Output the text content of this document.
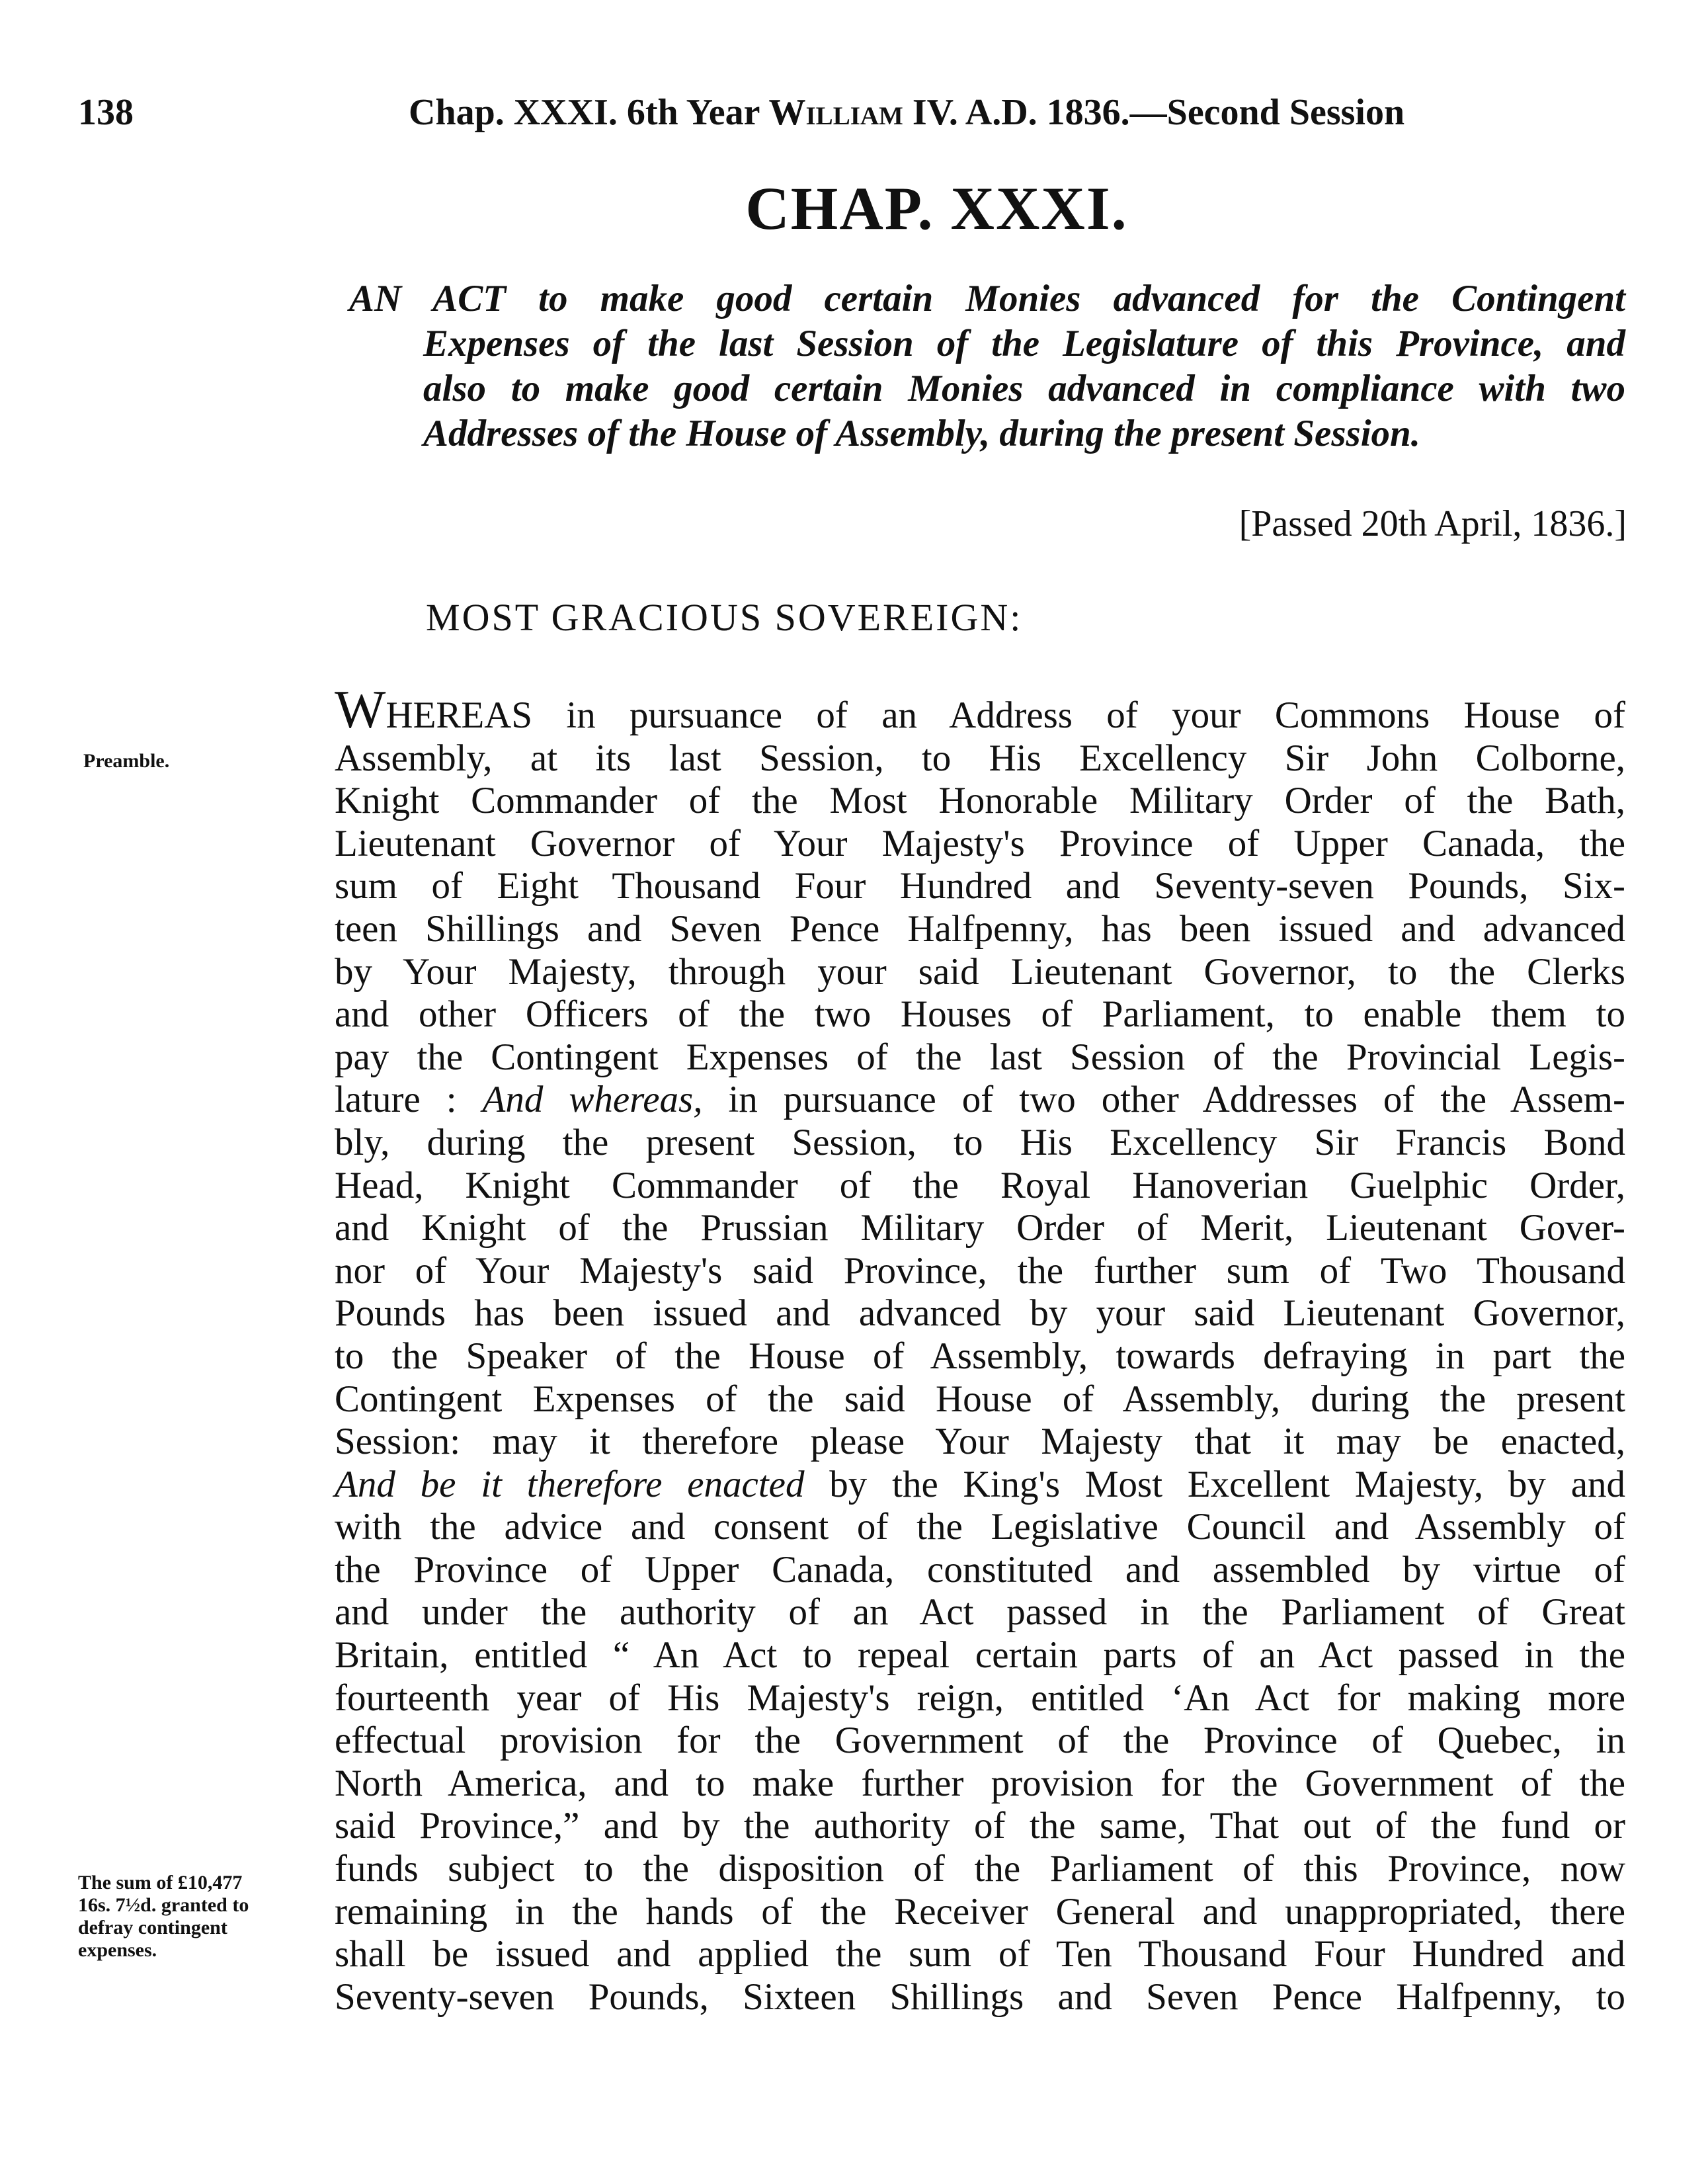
138	Chap. XXXI. 6th Year William IV. A.D. 1836.—Second Session
CHAP. XXXI.
AN ACT to make good certain Monies advanced for the Contingent
Expenses of the last Session of the Legislature of this Province, and
also to make good certain Monies advanced in compliance with two
Addresses of the House of Assembly, during the present Session.
[Passed 20th April, 1836.]
MOST GRACIOUS SOVEREIGN:
Preamble.
The sum of £10,477
16s. 7½d. granted to
defray contingent
expenses.
WHEREAS in pursuance of an Address of your Commons House of
Assembly, at its last Session, to His Excellency Sir John Colborne,
Knight Commander of the Most Honorable Military Order of the Bath,
Lieutenant Governor of Your Majesty's Province of Upper Canada, the
sum of Eight Thousand Four Hundred and Seventy-seven Pounds, Six-
teen Shillings and Seven Pence Halfpenny, has been issued and advanced
by Your Majesty, through your said Lieutenant Governor, to the Clerks
and other Officers of the two Houses of Parliament, to enable them to
pay the Contingent Expenses of the last Session of the Provincial Legis-
lature : And whereas, in pursuance of two other Addresses of the Assem-
bly, during the present Session, to His Excellency Sir Francis Bond
Head, Knight Commander of the Royal Hanoverian Guelphic Order,
and Knight of the Prussian Military Order of Merit, Lieutenant Gover-
nor of Your Majesty's said Province, the further sum of Two Thousand
Pounds has been issued and advanced by your said Lieutenant Governor,
to the Speaker of the House of Assembly, towards defraying in part the
Contingent Expenses of the said House of Assembly, during the present
Session: may it therefore please Your Majesty that it may be enacted,
And be it therefore enacted by the King's Most Excellent Majesty, by and
with the advice and consent of the Legislative Council and Assembly of
the Province of Upper Canada, constituted and assembled by virtue of
and under the authority of an Act passed in the Parliament of Great
Britain, entitled “ An Act to repeal certain parts of an Act passed in the
fourteenth year of His Majesty's reign, entitled ‘An Act for making more
effectual provision for the Government of the Province of Quebec, in
North America, and to make further provision for the Government of the
said Province,” and by the authority of the same, That out of the fund or
funds subject to the disposition of the Parliament of this Province, now
remaining in the hands of the Receiver General and unappropriated, there
shall be issued and applied the sum of Ten Thousand Four Hundred and
Seventy-seven Pounds, Sixteen Shillings and Seven Pence Halfpenny, to
